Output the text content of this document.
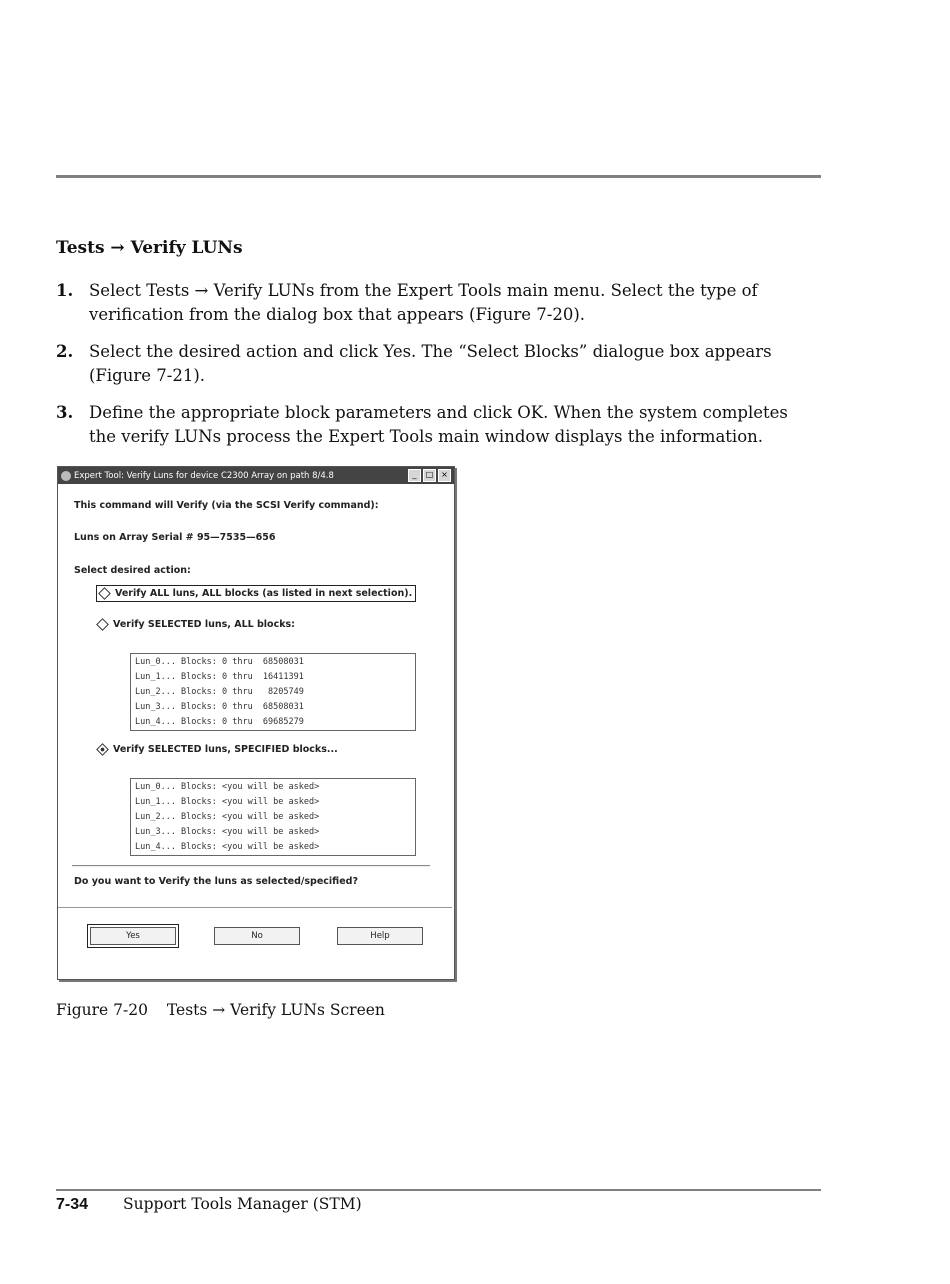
Tests → Verify LUNs
1. Select Tests → Verify LUNs from the Expert Tools main menu. Select the type of verification from the dialog box that appears (Figure 7-20).
2. Select the desired action and click Yes. The “Select Blocks” dialogue box appears (Figure 7-21).
3. Define the appropriate block parameters and click OK. When the system completes the verify LUNs process the Expert Tools main window displays the information.
Expert Tool: Verify Luns for device C2300 Array on path 8/4.8	_	□ ×
This command will Verify (via the SCSI Verify command):
Luns on Array Serial # 95—7535—656
Select desired action:
Verify ALL luns, ALL blocks (as listed in next selection).
Verify SELECTED luns, ALL blocks:
Lun_0... Blocks: 0 thru  68508031
Lun_1... Blocks: 0 thru  16411391
Lun_2... Blocks: 0 thru   8205749
Lun_3... Blocks: 0 thru  68508031
Lun_4... Blocks: 0 thru  69685279
Verify SELECTED luns, SPECIFIED blocks...
Lun_0... Blocks: <you will be asked>
Lun_1... Blocks: <you will be asked>
Lun_2... Blocks: <you will be asked>
Lun_3... Blocks: <you will be asked>
Lun_4... Blocks: <you will be asked>
Do you want to Verify the luns as selected/specified?
Yes	No	Help
Figure 7-20 Tests → Verify LUNs Screen
7-34	Support Tools Manager (STM)
